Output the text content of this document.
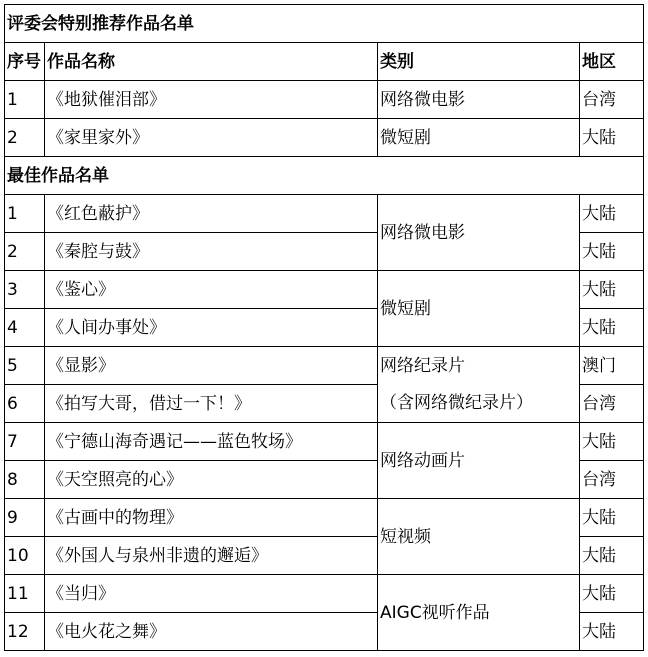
评委会特别推荐作品名单			
序号	作品名称	类别	地区
1	《地狱催泪部》	网络微电影	台湾
2	《家里家外》	微短剧	大陆
最佳作品名单			
1	《红色蔽护》	网络微电影	大陆
2	《秦腔与鼓》		大陆
3	《鉴心》	微短剧	大陆
4	《人间办事处》		大陆
5	《显影》	网络纪录片	澳门
6	《拍写大哥，借过一下！》	（含网络微纪录片）	台湾
7	《宁德山海奇遇记——蓝色牧场》	网络动画片	大陆
8	《天空照亮的心》		台湾
9	《古画中的物理》	短视频	大陆
10	《外国人与泉州非遗的邂逅》		大陆
11	《当归》	AIGC视听作品	大陆
12	《电火花之舞》		大陆
